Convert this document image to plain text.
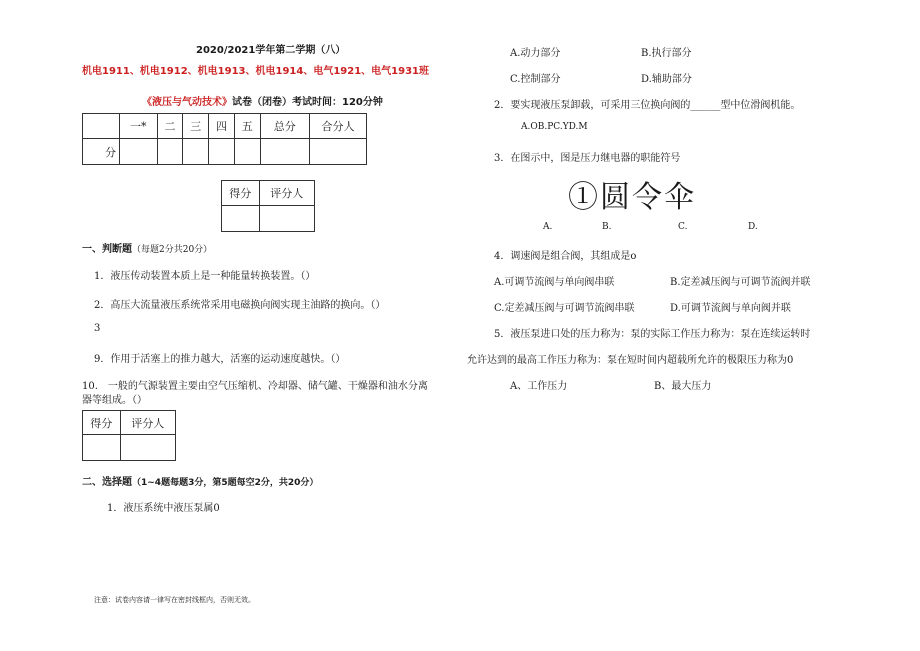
2020/2021学年第二学期（八）
机电1911、机电1912、机电1913、机电1914、电气1921、电气1931班
《液压与气动技术》试卷（闭卷）考试时间：120分钟
	一*	二	三	四	五	总分	合分人
分							
得分	评分人

一、判断题（每题2分共20分）
1．液压传动装置本质上是一种能量转换装置。（）
2．高压大流量液压系统常采用电磁换向阀实现主油路的换向。（）
3
9．作用于活塞上的推力越大，活塞的运动速度越快。（）
10.　一般的气源装置主要由空气压缩机、冷却器、储气罐、干燥器和油水分离
器等组成。（）
得分	评分人

二、选择题（1~4题每题3分，第5题每空2分，共20分）
1．液压系统中液压泵属0
注意：试卷内容请一律写在密封线框内，否则无效。
A.动力部分	B.执行部分
C.控制部分	D.辅助部分
2．要实现液压泵卸载，可采用三位换向阀的______型中位滑阀机能。
A.OB.PC.YD.M
3．在图示中，图是压力继电器的职能符号
①圆令伞
A.	B.	C.	D.
4．调速阀是组合阀，其组成是o
A.可调节流阀与单向阀串联	B.定差减压阀与可调节流阀并联
C.定差减压阀与可调节流阀串联	D.可调节流阀与单向阀并联
5．液压泵进口处的压力称为：泵的实际工作压力称为：泵在连续运转时
允许达到的最高工作压力称为：泵在短时间内超载所允许的极限压力称为0
A、工作压力	B、最大压力
